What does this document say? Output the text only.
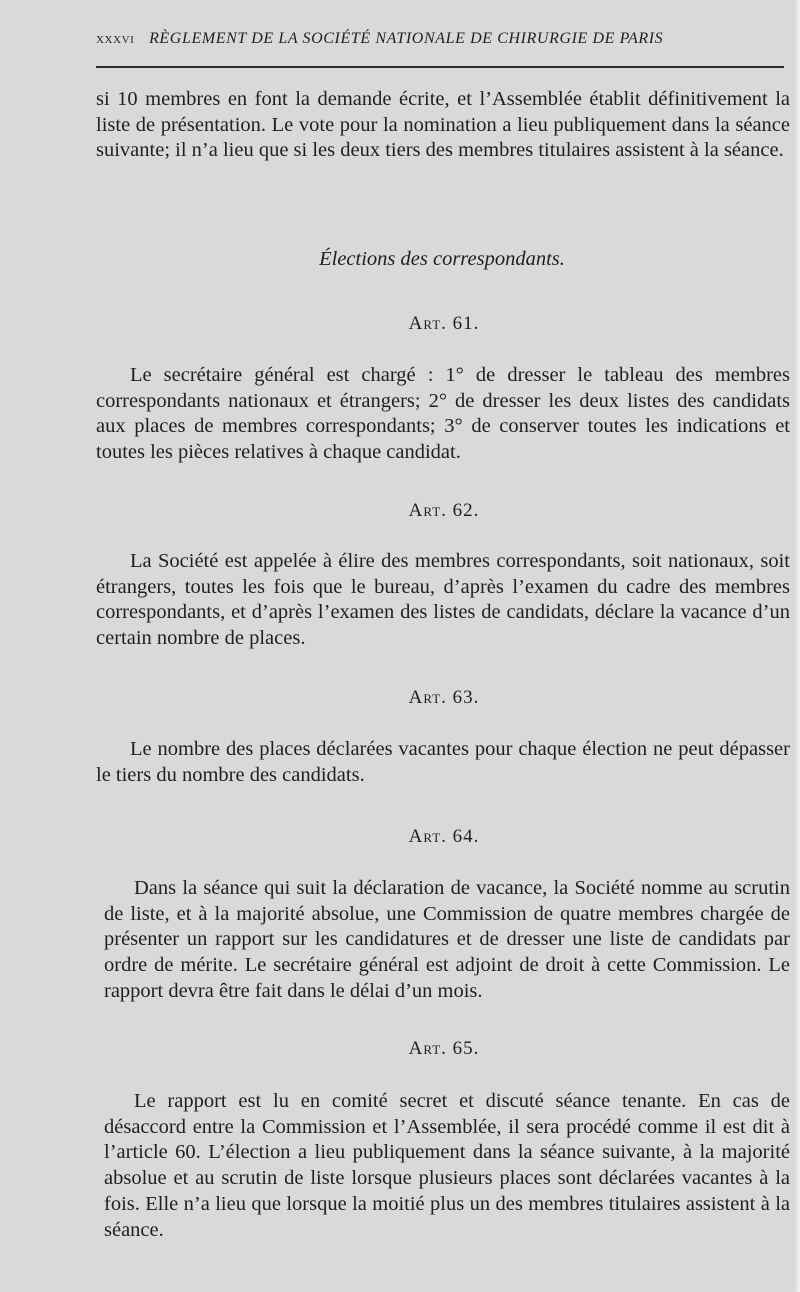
xxxvi RÈGLEMENT DE LA SOCIÉTÉ NATIONALE DE CHIRURGIE DE PARIS

si 10 membres en font la demande écrite, et l’Assemblée établit définitivement la liste de présentation. Le vote pour la nomination a lieu publiquement dans la séance suivante; il n’a lieu que si les deux tiers des membres titulaires assistent à la séance.

Élections des correspondants.
Art. 61.

Le secrétaire général est chargé : 1° de dresser le tableau des membres correspondants nationaux et étrangers; 2° de dresser les deux listes des candidats aux places de membres correspondants; 3° de conserver toutes les indications et toutes les pièces relatives à chaque candidat.

Art. 62.

La Société est appelée à élire des membres correspondants, soit nationaux, soit étrangers, toutes les fois que le bureau, d’après l’examen du cadre des membres correspondants, et d’après l’examen des listes de candidats, déclare la vacance d’un certain nombre de places.

Art. 63.

Le nombre des places déclarées vacantes pour chaque élection ne peut dépasser le tiers du nombre des candidats.

Art. 64.

Dans la séance qui suit la déclaration de vacance, la Société nomme au scrutin de liste, et à la majorité absolue, une Commission de quatre membres chargée de présenter un rapport sur les candidatures et de dresser une liste de candidats par ordre de mérite. Le secrétaire général est adjoint de droit à cette Commission. Le rapport devra être fait dans le délai d’un mois.

Art. 65.

Le rapport est lu en comité secret et discuté séance tenante. En cas de désaccord entre la Commission et l’Assemblée, il sera procédé comme il est dit à l’article 60. L’élection a lieu publiquement dans la séance suivante, à la majorité absolue et au scrutin de liste lorsque plusieurs places sont déclarées vacantes à la fois. Elle n’a lieu que lorsque la moitié plus un des membres titulaires assistent à la séance.
